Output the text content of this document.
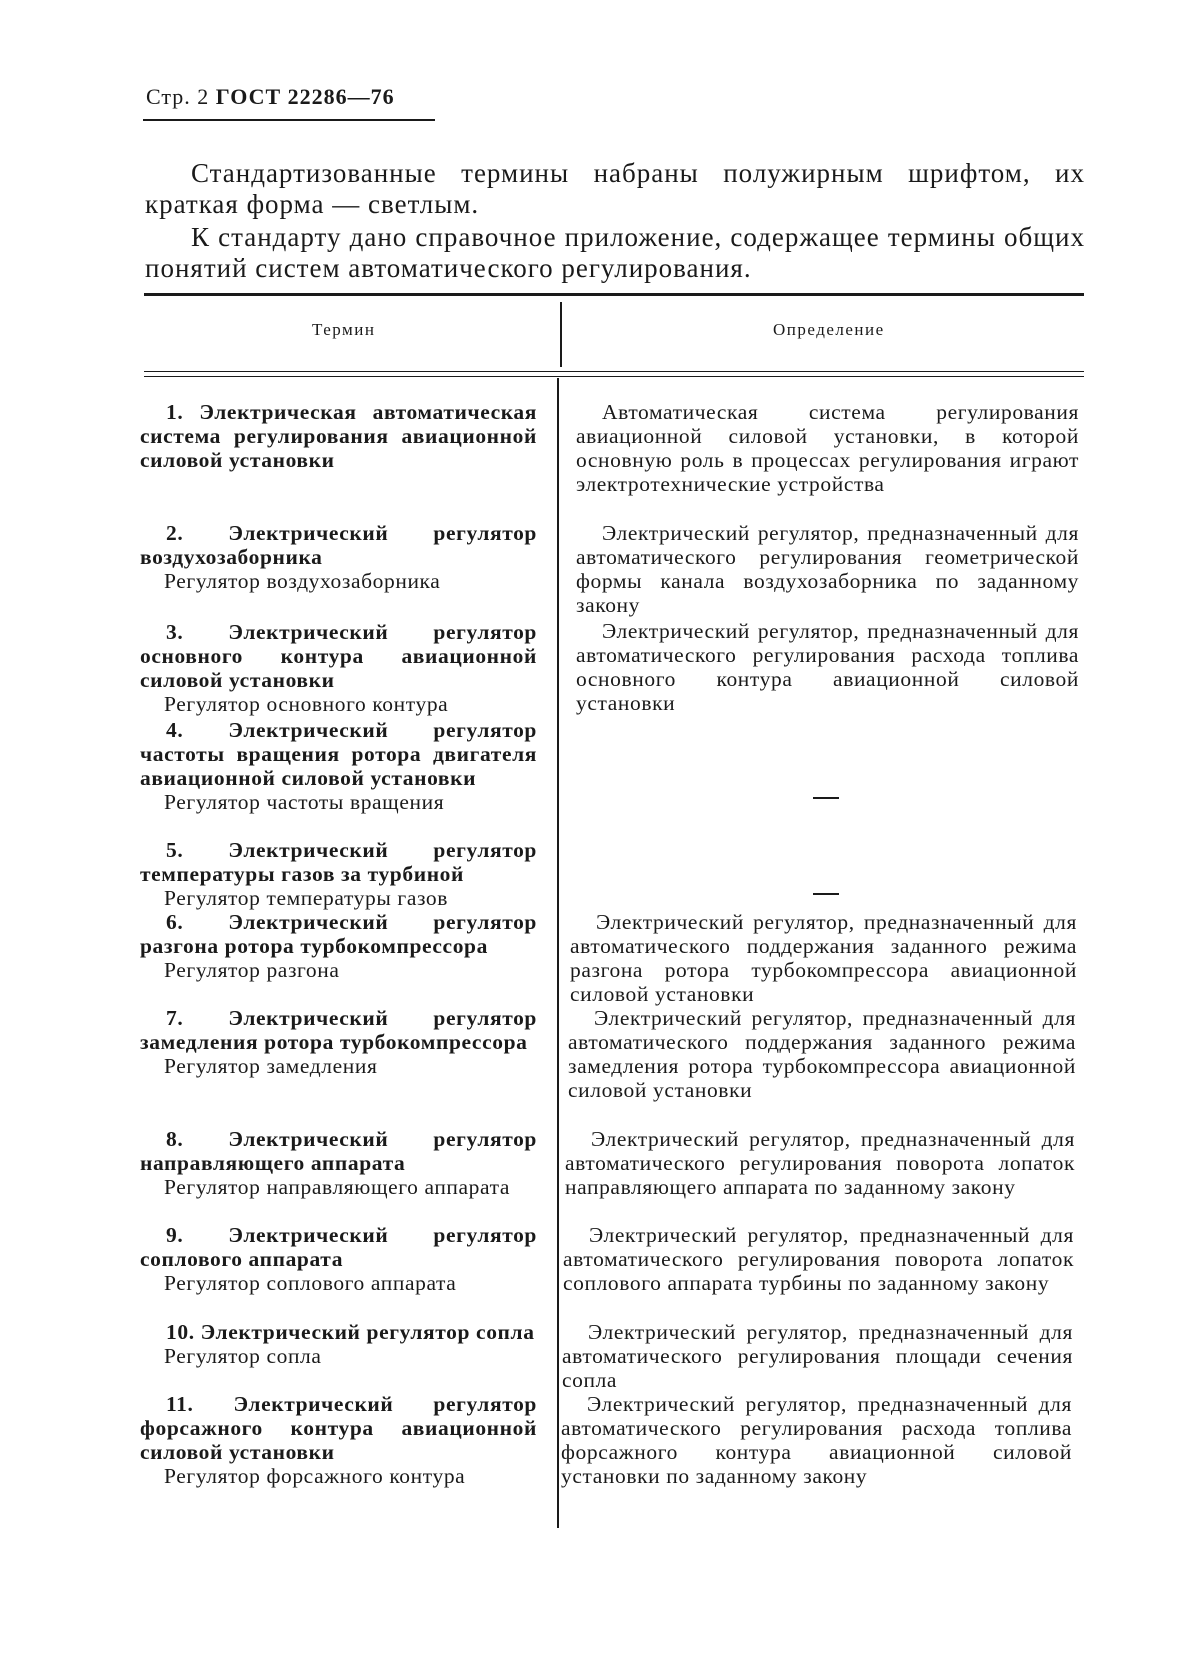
Стр. 2 ГОСТ 22286—76

Стандартизованные термины набраны полужирным шрифтом, их краткая форма — светлым.

К стандарту дано справочное приложение, содержащее термины общих понятий систем автоматического регулирования.

Термин	Определение
1. Электрическая автоматическая система регулирования авиационной силовой установки
Автоматическая система регулирования авиационной силовой установки, в которой основную роль в процессах регулирования играют электротехнические устройства
2. Электрический регулятор воздухозаборника
Регулятор воздухозаборника
Электрический регулятор, предназначенный для автоматического регулирования геометрической формы канала воздухозаборника по заданному закону
3. Электрический регулятор основного контура авиационной силовой установки
Регулятор основного контура
Электрический регулятор, предназначенный для автоматического регулирования расхода топлива основного контура авиационной силовой установки
4. Электрический регулятор частоты вращения ротора двигателя авиационной силовой установки
Регулятор частоты вращения
5. Электрический регулятор температуры газов за турбиной
Регулятор температуры газов
6. Электрический регулятор разгона ротора турбокомпрессора
Регулятор разгона
Электрический регулятор, предназначенный для автоматического поддержания заданного режима разгона ротора турбокомпрессора авиационной силовой установки
7. Электрический регулятор замедления ротора турбокомпрессора
Регулятор замедления
Электрический регулятор, предназначенный для автоматического поддержания заданного режима замедления ротора турбокомпрессора авиационной силовой установки
8. Электрический регулятор направляющего аппарата
Регулятор направляющего аппарата
Электрический регулятор, предназначенный для автоматического регулирования поворота лопаток направляющего аппарата по заданному закону
9. Электрический регулятор соплового аппарата
Регулятор соплового аппарата
Электрический регулятор, предназначенный для автоматического регулирования поворота лопаток соплового аппарата турбины по заданному закону
10. Электрический регулятор сопла
Регулятор сопла
Электрический регулятор, предназначенный для автоматического регулирования площади сечения сопла
11. Электрический регулятор форсажного контура авиационной силовой установки
Регулятор форсажного контура
Электрический регулятор, предназначенный для автоматического регулирования расхода топлива форсажного контура авиационной силовой установки по заданному закону
